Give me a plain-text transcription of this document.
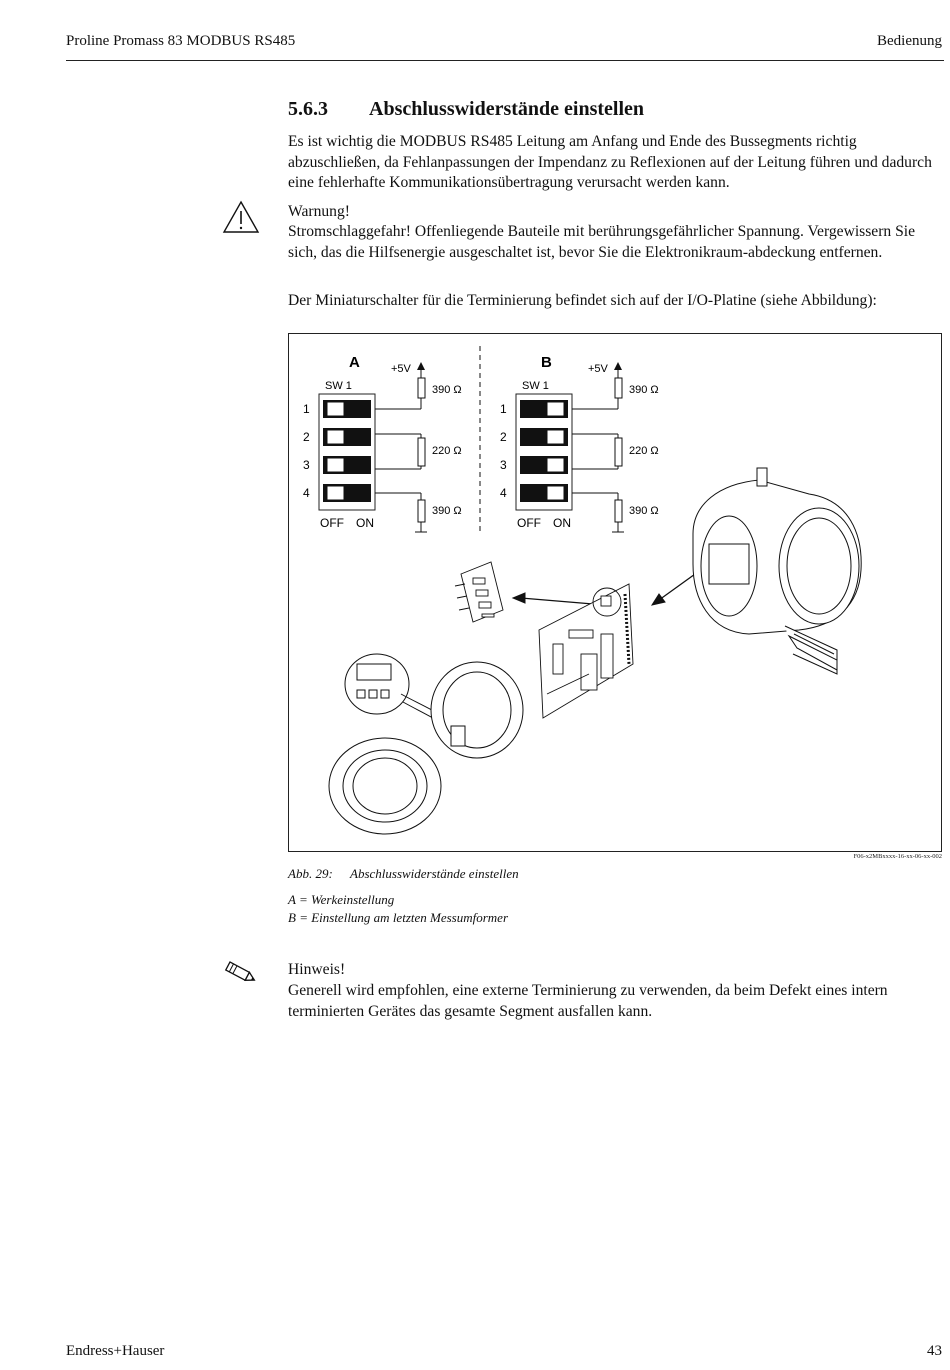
Proline Promass 83 MODBUS RS485	Bedienung
5.6.3 Abschlusswiderstände einstellen
Es ist wichtig die MODBUS RS485 Leitung am Anfang und Ende des Bussegments richtig abzuschließen, da Fehlanpassungen der Impendanz zu Reflexionen auf der Leitung führen und dadurch eine fehlerhafte Kommunikationsübertragung verursacht werden kann.
Warnung!
Stromschlaggefahr! Offenliegende Bauteile mit berührungsgefährlicher Spannung. Vergewissern Sie sich, das die Hilfsenergie ausgeschaltet ist, bevor Sie die Elektronikraum-abdeckung entfernen.
Der Miniaturschalter für die Terminierung befindet sich auf der I/O-Platine (siehe Abbildung):
A	+5V
SW 1
1
2
3
4
OFF ON
390 Ω
220 Ω
390 Ω
B	+5V
SW 1
1
2
3
4
OFF ON
390 Ω
220 Ω
390 Ω
F06-x2MBxxxx-16-xx-06-xx-002
Abb. 29: Abschlusswiderstände einstellen
A = Werkeinstellung
B = Einstellung am letzten Messumformer
Hinweis!
Generell wird empfohlen, eine externe Terminierung zu verwenden, da beim Defekt eines intern terminierten Gerätes das gesamte Segment ausfallen kann.
Endress+Hauser	43
